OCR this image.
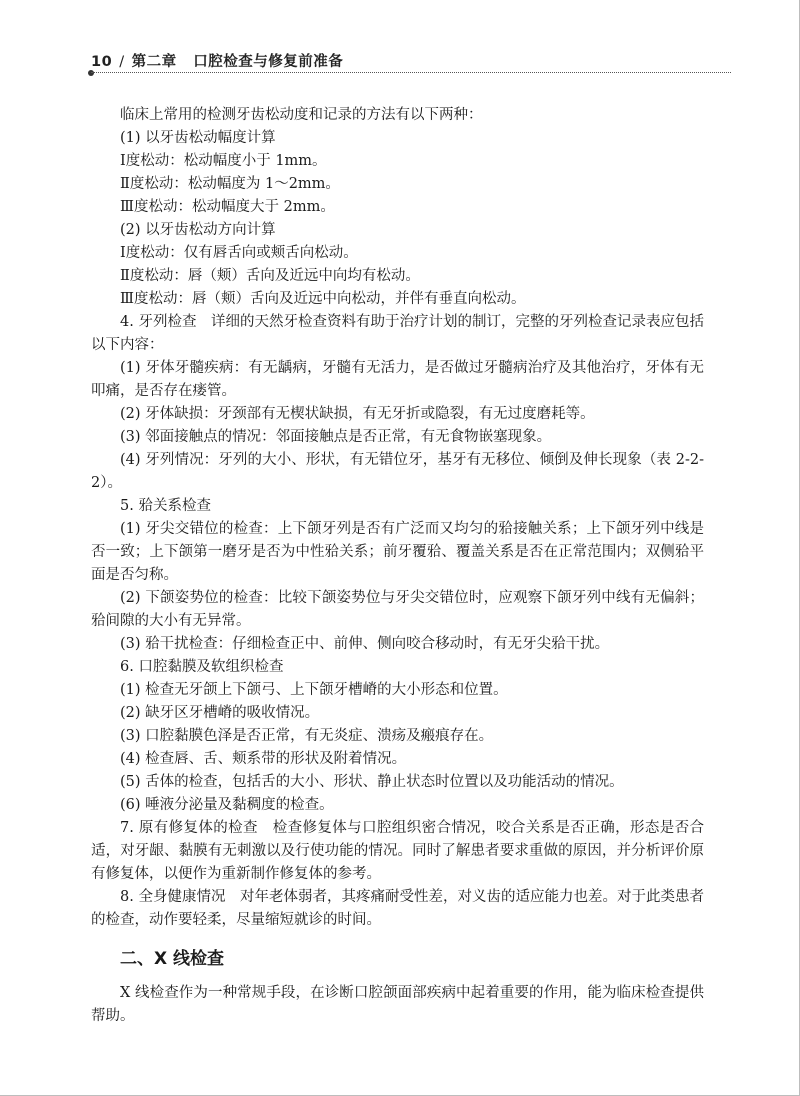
10 / 第二章 口腔检查与修复前准备

临床上常用的检测牙齿松动度和记录的方法有以下两种：

(1) 以牙齿松动幅度计算

Ⅰ度松动：松动幅度小于 1mm。

Ⅱ度松动：松动幅度为 1～2mm。

Ⅲ度松动：松动幅度大于 2mm。

(2) 以牙齿松动方向计算

Ⅰ度松动：仅有唇舌向或颊舌向松动。

Ⅱ度松动：唇（颊）舌向及近远中向均有松动。

Ⅲ度松动：唇（颊）舌向及近远中向松动，并伴有垂直向松动。

4. 牙列检查　详细的天然牙检查资料有助于治疗计划的制订，完整的牙列检查记录表应包括以下内容：

(1) 牙体牙髓疾病：有无龋病，牙髓有无活力，是否做过牙髓病治疗及其他治疗，牙体有无叩痛，是否存在瘘管。

(2) 牙体缺损：牙颈部有无楔状缺损，有无牙折或隐裂，有无过度磨耗等。

(3) 邻面接触点的情况：邻面接触点是否正常，有无食物嵌塞现象。

(4) 牙列情况：牙列的大小、形状，有无错位牙，基牙有无移位、倾倒及伸长现象（表 2-2-2）。

5. 𬌗关系检查

(1) 牙尖交错位的检查：上下颌牙列是否有广泛而又均匀的𬌗接触关系；上下颌牙列中线是否一致；上下颌第一磨牙是否为中性𬌗关系；前牙覆𬌗、覆盖关系是否在正常范围内；双侧𬌗平面是否匀称。

(2) 下颌姿势位的检查：比较下颌姿势位与牙尖交错位时，应观察下颌牙列中线有无偏斜；𬌗间隙的大小有无异常。

(3) 𬌗干扰检查：仔细检查正中、前伸、侧向咬合移动时，有无牙尖𬌗干扰。

6. 口腔黏膜及软组织检查

(1) 检查无牙颌上下颌弓、上下颌牙槽嵴的大小形态和位置。

(2) 缺牙区牙槽嵴的吸收情况。

(3) 口腔黏膜色泽是否正常，有无炎症、溃疡及瘢痕存在。

(4) 检查唇、舌、颊系带的形状及附着情况。

(5) 舌体的检查，包括舌的大小、形状、静止状态时位置以及功能活动的情况。

(6) 唾液分泌量及黏稠度的检查。

7. 原有修复体的检查　检查修复体与口腔组织密合情况，咬合关系是否正确，形态是否合适，对牙龈、黏膜有无刺激以及行使功能的情况。同时了解患者要求重做的原因，并分析评价原有修复体，以便作为重新制作修复体的参考。

8. 全身健康情况　对年老体弱者，其疼痛耐受性差，对义齿的适应能力也差。对于此类患者的检查，动作要轻柔，尽量缩短就诊的时间。

二、X 线检查

X 线检查作为一种常规手段，在诊断口腔颌面部疾病中起着重要的作用，能为临床检查提供帮助。
